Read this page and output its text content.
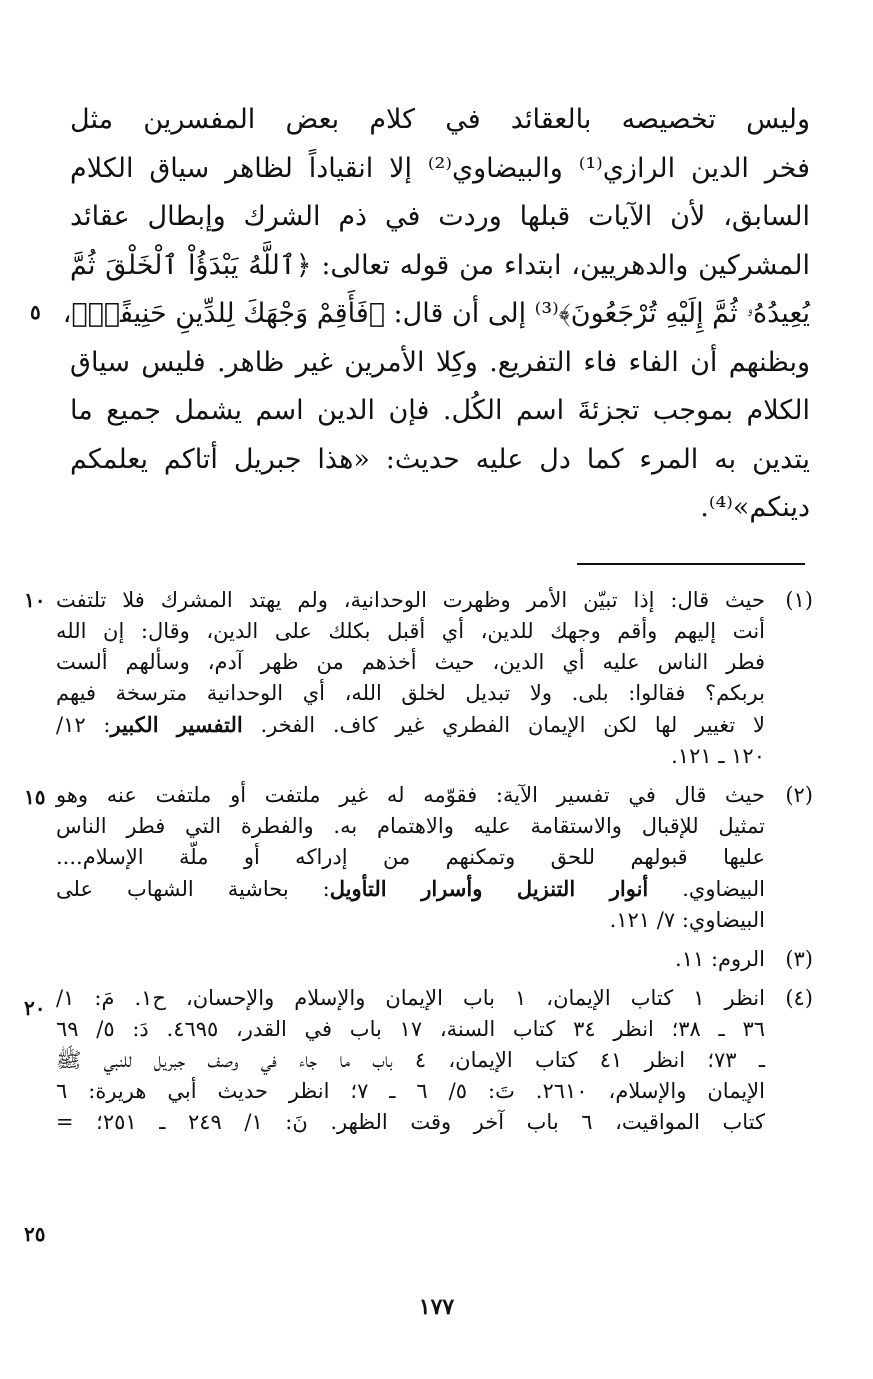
وليس تخصيصه بالعقائد في كلام بعض المفسرين مثل
فخر الدين الرازي⁽¹⁾ والبيضاوي⁽²⁾ إلا انقياداً لظاهر سياق الكلام
السابق، لأن الآيات قبلها وردت في ذم الشرك وإبطال عقائد
المشركين والدهريين، ابتداء من قوله تعالى: ﴿ٱللَّهُ يَبْدَؤُاْ ٱلْخَلْقَ ثُمَّ
يُعِيدُهُۥ ثُمَّ إِلَيْهِ تُرْجَعُونَ﴾⁽³⁾ إلى أن قال: ﴿فَأَقِمْ وَجْهَكَ لِلدِّينِ حَنِيفًاۚ﴾،
وبظنهم أن الفاء فاء التفريع. وكِلا الأمرين غير ظاهر. فليس سياق
الكلام بموجب تجزئةَ اسم الكُل. فإن الدين اسم يشمل جميع ما
يتدين به المرء كما دل عليه حديث: «هذا جبريل أتاكم يعلمكم
دينكم»⁽⁴⁾.
(١)
حيث قال: إذا تبيّن الأمر وظهرت الوحدانية، ولم يهتد المشرك فلا تلتفت
أنت إليهم وأقم وجهك للدين، أي أقبل بكلك على الدين، وقال: إن الله
فطر الناس عليه أي الدين، حيث أخذهم من ظهر آدم، وسألهم ألست
بربكم؟ فقالوا: بلى. ولا تبديل لخلق الله، أي الوحدانية مترسخة فيهم
لا تغيير لها لكن الإيمان الفطري غير كاف. الفخر. التفسير الكبير: ١٢/
١٢٠ ـ ١٢١.
(٢)
حيث قال في تفسير الآية: فقوّمه له غير ملتفت أو ملتفت عنه وهو
تمثيل للإقبال والاستقامة عليه والاهتمام به. والفطرة التي فطر الناس
عليها قبولهم للحق وتمكنهم من إدراكه أو ملّة الإسلام....
البيضاوي. أنوار التنزيل وأسرار التأويل: بحاشية الشهاب على
البيضاوي: ٧/ ١٢١.
(٣)
الروم: ١١.
(٤)
انظر ١ كتاب الإيمان، ١ باب الإيمان والإسلام والإحسان، ح١. مَ: ١/
٣٦ ـ ٣٨؛ انظر ٣٤ كتاب السنة، ١٧ باب في القدر، ٤٦٩٥. دَ: ٥/ ٦٩
ـ ٧٣؛ انظر ٤١ كتاب الإيمان، ٤ باب ما جاء في وصف جبريل للنبي ﷺ
الإيمان والإسلام، ٢٦١٠. تَ: ٥/ ٦ ـ ٧؛ انظر حديث أبي هريرة: ٦
كتاب المواقيت، ٦ باب آخر وقت الظهر. نَ: ١/ ٢٤٩ ـ ٢٥١؛ =
٥
١٠
١٥
٢٠
٢٥
١٧٧
